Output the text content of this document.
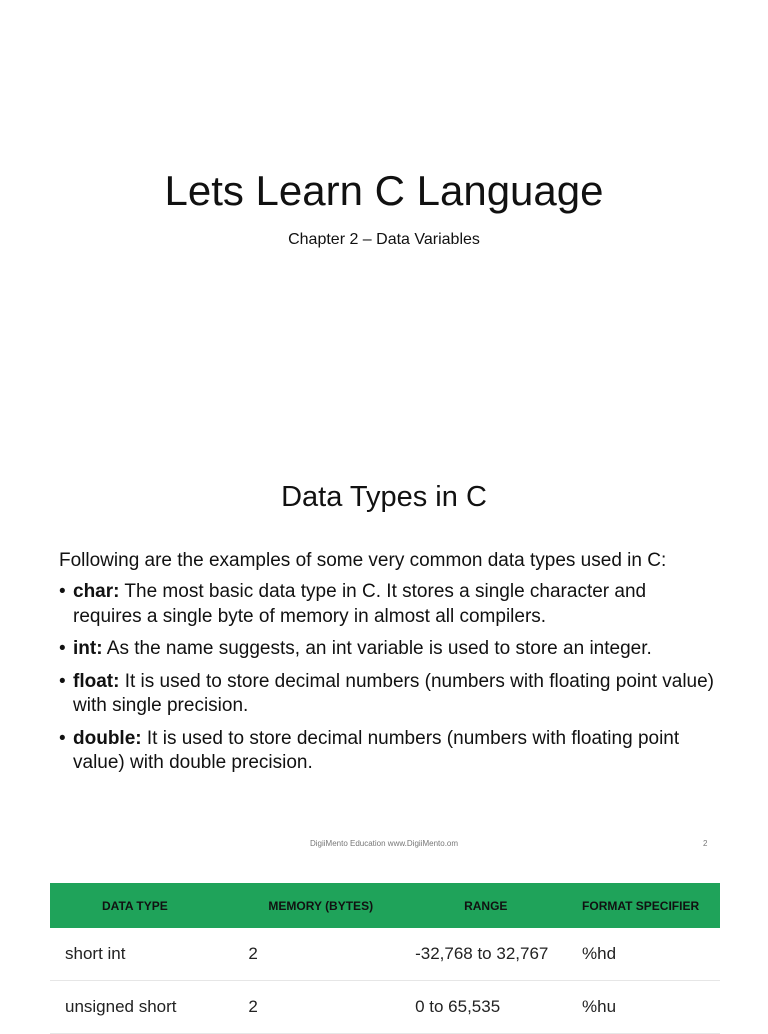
Lets Learn C Language
Chapter 2 – Data Variables
Data Types in C
Following are the examples of some very common data types used in C:
• char: The most basic data type in C. It stores a single character and requires a single byte of memory in almost all compilers.
• int: As the name suggests, an int variable is used to store an integer.
• float: It is used to store decimal numbers (numbers with floating point value) with single precision.
• double: It is used to store decimal numbers (numbers with floating point value) with double precision.
DigiiMento Education www.DigiiMento.om	2
DATA TYPE	MEMORY (BYTES)	RANGE	FORMAT SPECIFIER
short int	2	-32,768 to 32,767	%hd
unsigned short	2	0 to 65,535	%hu
